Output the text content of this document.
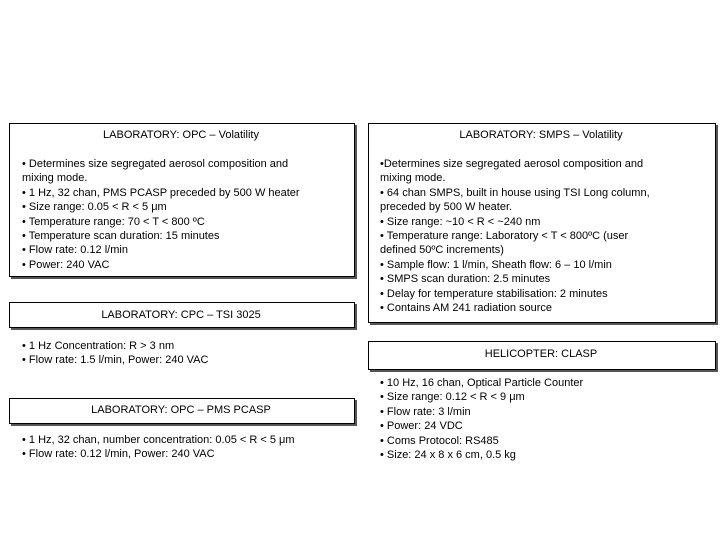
LABORATORY: OPC – Volatility
• Determines size segregated aerosol composition and
mixing mode.
• 1 Hz, 32 chan, PMS PCASP preceded by 500 W heater
• Size range: 0.05 < R < 5 μm
• Temperature range: 70 < T < 800 ºC
• Temperature scan duration: 15 minutes
• Flow rate: 0.12 l/min
• Power: 240 VAC
LABORATORY: SMPS – Volatility
•Determines size segregated aerosol composition and
mixing mode.
• 64 chan SMPS, built in house using TSI Long column,
preceded by 500 W heater.
• Size range: ~10 < R < ~240 nm
• Temperature range: Laboratory < T < 800ºC (user
defined 50ºC increments)
• Sample flow: 1 l/min, Sheath flow: 6 – 10 l/min
• SMPS scan duration: 2.5 minutes
• Delay for temperature stabilisation: 2 minutes
• Contains AM 241 radiation source
LABORATORY: CPC – TSI 3025
• 1 Hz Concentration: R > 3 nm
• Flow rate: 1.5 l/min, Power: 240 VAC
LABORATORY: OPC – PMS PCASP
• 1 Hz, 32 chan, number concentration: 0.05 < R < 5 μm
• Flow rate: 0.12 l/min, Power: 240 VAC
HELICOPTER: CLASP
• 10 Hz, 16 chan, Optical Particle Counter
• Size range: 0.12 < R < 9 μm
• Flow rate: 3 l/min
• Power: 24 VDC
• Coms Protocol: RS485
• Size: 24 x 8 x 6 cm, 0.5 kg
